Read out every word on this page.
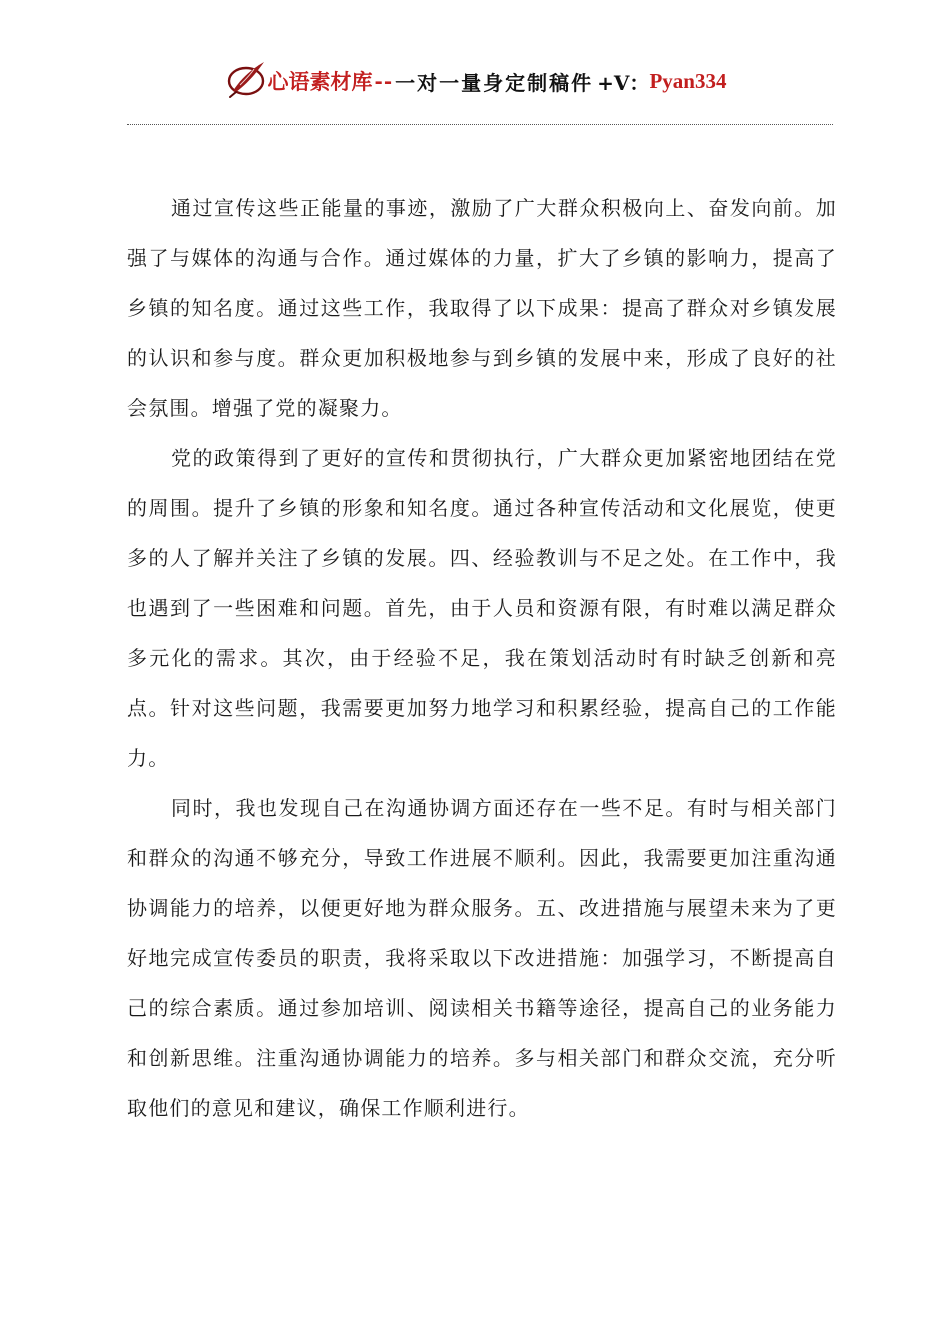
心语素材库 -- 一对一量身定制稿件 +V： Pyan334

通过宣传这些正能量的事迹，激励了广大群众积极向上、奋发向前。加强了与媒体的沟通与合作。通过媒体的力量，扩大了乡镇的影响力，提高了乡镇的知名度。通过这些工作，我取得了以下成果：提高了群众对乡镇发展的认识和参与度。群众更加积极地参与到乡镇的发展中来，形成了良好的社会氛围。增强了党的凝聚力。

党的政策得到了更好的宣传和贯彻执行，广大群众更加紧密地团结在党的周围。提升了乡镇的形象和知名度。通过各种宣传活动和文化展览，使更多的人了解并关注了乡镇的发展。四、经验教训与不足之处。在工作中，我也遇到了一些困难和问题。首先，由于人员和资源有限，有时难以满足群众多元化的需求。其次，由于经验不足，我在策划活动时有时缺乏创新和亮点。针对这些问题，我需要更加努力地学习和积累经验，提高自己的工作能力。

同时，我也发现自己在沟通协调方面还存在一些不足。有时与相关部门和群众的沟通不够充分，导致工作进展不顺利。因此，我需要更加注重沟通协调能力的培养，以便更好地为群众服务。五、改进措施与展望未来为了更好地完成宣传委员的职责，我将采取以下改进措施：加强学习，不断提高自己的综合素质。通过参加培训、阅读相关书籍等途径，提高自己的业务能力和创新思维。注重沟通协调能力的培养。多与相关部门和群众交流，充分听取他们的意见和建议，确保工作顺利进行。
